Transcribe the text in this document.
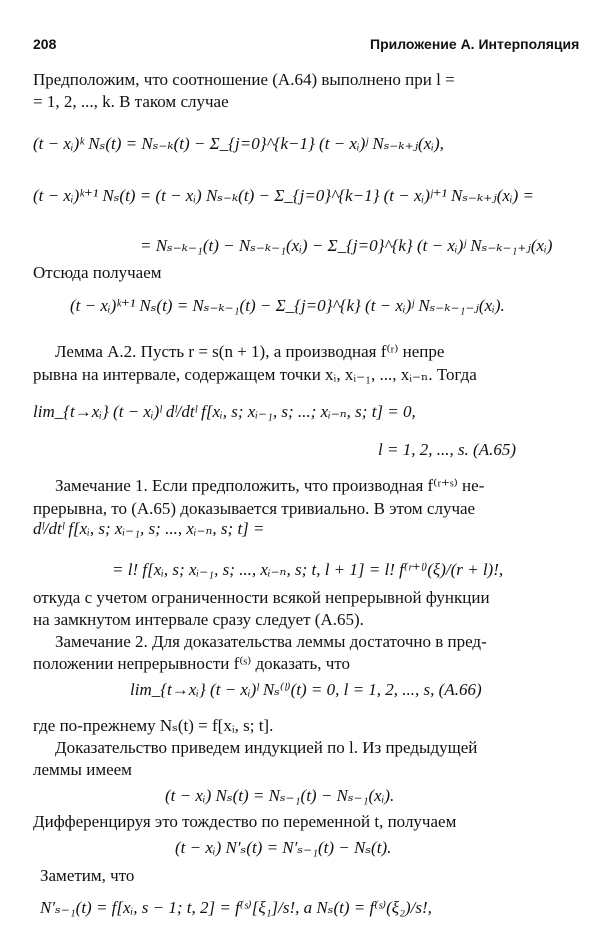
208	Приложение А. Интерполяция
Предположим, что соотношение (А.64) выполнено при l =
= 1, 2, ..., k. В таком случае
(t − xᵢ)ᵏ Nₛ(t) = Nₛ₋ₖ(t) − Σ_{j=0}^{k−1} (t − xᵢ)ʲ Nₛ₋ₖ₊ⱼ(xᵢ),
(t − xᵢ)ᵏ⁺¹ Nₛ(t) = (t − xᵢ) Nₛ₋ₖ(t) − Σ_{j=0}^{k−1} (t − xᵢ)ʲ⁺¹ Nₛ₋ₖ₊ⱼ(xᵢ) =
= Nₛ₋ₖ₋₁(t) − Nₛ₋ₖ₋₁(xᵢ) − Σ_{j=0}^{k} (t − xᵢ)ʲ Nₛ₋ₖ₋₁₊ⱼ(xᵢ)
Отсюда получаем
(t − xᵢ)ᵏ⁺¹ Nₛ(t) = Nₛ₋ₖ₋₁(t) − Σ_{j=0}^{k} (t − xᵢ)ʲ Nₛ₋ₖ₋₁₋ⱼ(xᵢ).
Лемма А.2. Пусть r = s(n + 1), а производная f⁽ʳ⁾ непре
рывна на интервале, содержащем точки xᵢ, xᵢ₋₁, ..., xᵢ₋ₙ. Тогда
lim_{t→xᵢ} (t − xᵢ)ˡ dˡ/dtˡ f[xᵢ, s; xᵢ₋₁, s; ...; xᵢ₋ₙ, s; t] = 0,
l = 1, 2, ..., s. (А.65)
Замечание 1. Если предположить, что производная f⁽ʳ⁺ˢ⁾ не-
прерывна, то (А.65) доказывается тривиально. В этом случае
dˡ/dtˡ f[xᵢ, s; xᵢ₋₁, s; ..., xᵢ₋ₙ, s; t] =
= l! f[xᵢ, s; xᵢ₋₁, s; ..., xᵢ₋ₙ, s; t, l + 1] = l! f⁽ʳ⁺ˡ⁾(ξ)/(r + l)!,
откуда с учетом ограниченности всякой непрерывной функции
на замкнутом интервале сразу следует (А.65).
Замечание 2. Для доказательства леммы достаточно в пред-
положении непрерывности f⁽ˢ⁾ доказать, что
lim_{t→xᵢ} (t − xᵢ)ˡ Nₛ⁽ˡ⁾(t) = 0, l = 1, 2, ..., s, (А.66)
где по-прежнему Nₛ(t) = f[xᵢ, s; t].
Доказательство приведем индукцией по l. Из предыдущей
леммы имеем
(t − xᵢ) Nₛ(t) = Nₛ₋₁(t) − Nₛ₋₁(xᵢ).
Дифференцируя это тождество по переменной t, получаем
(t − xᵢ) N′ₛ(t) = N′ₛ₋₁(t) − Nₛ(t).
Заметим, что
N′ₛ₋₁(t) = f[xᵢ, s − 1; t, 2] = f⁽ˢ⁾[ξ₁]/s!, а Nₛ(t) = f⁽ˢ⁾(ξ₂)/s!,
